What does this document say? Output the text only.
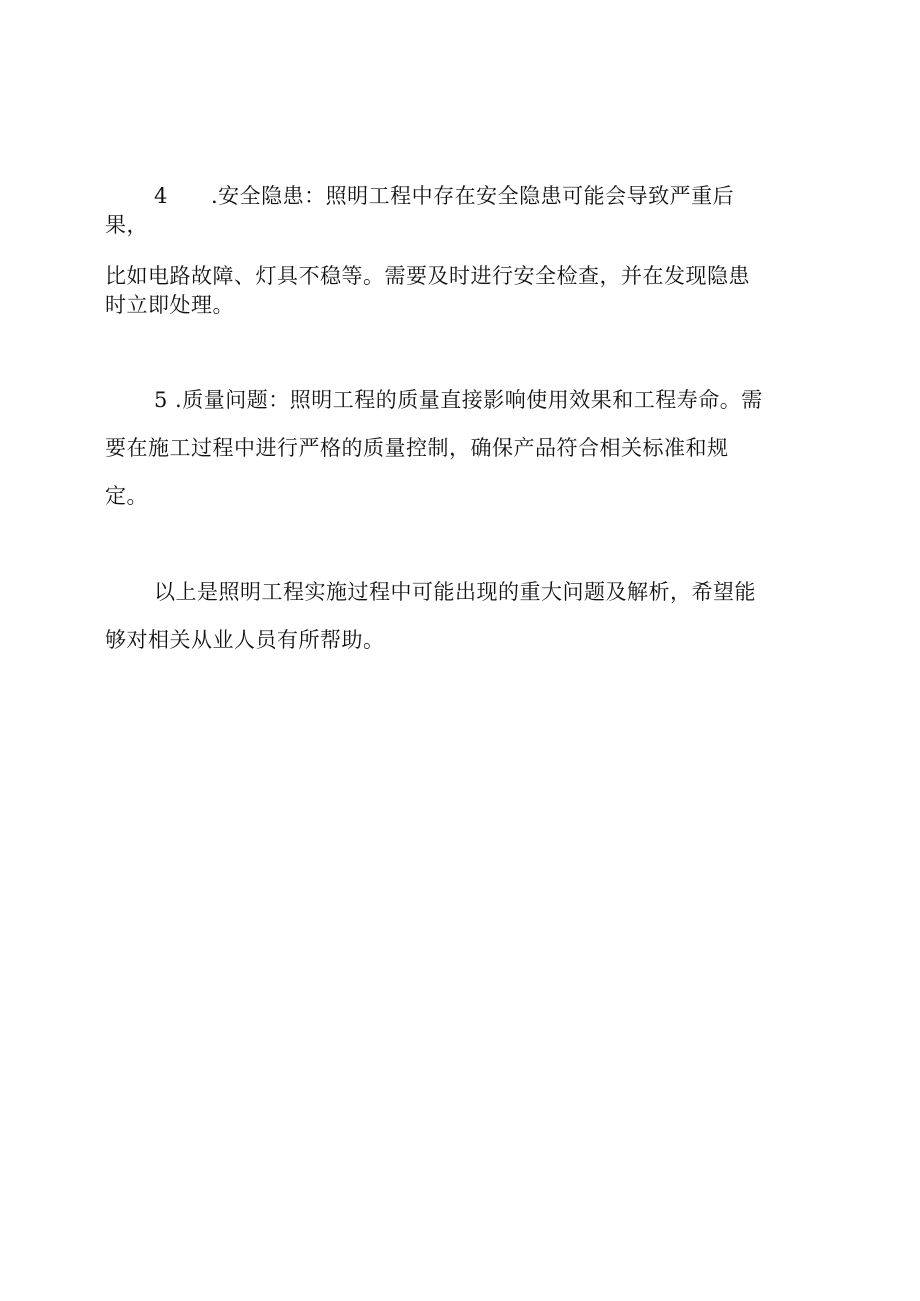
4 .安全隐患：照明工程中存在安全隐患可能会导致严重后
果，
比如电路故障、灯具不稳等。需要及时进行安全检查，并在发现隐患
时立即处理。
5 .质量问题：照明工程的质量直接影响使用效果和工程寿命。需
要在施工过程中进行严格的质量控制，确保产品符合相关标准和规
定。
以上是照明工程实施过程中可能出现的重大问题及解析，希望能
够对相关从业人员有所帮助。
